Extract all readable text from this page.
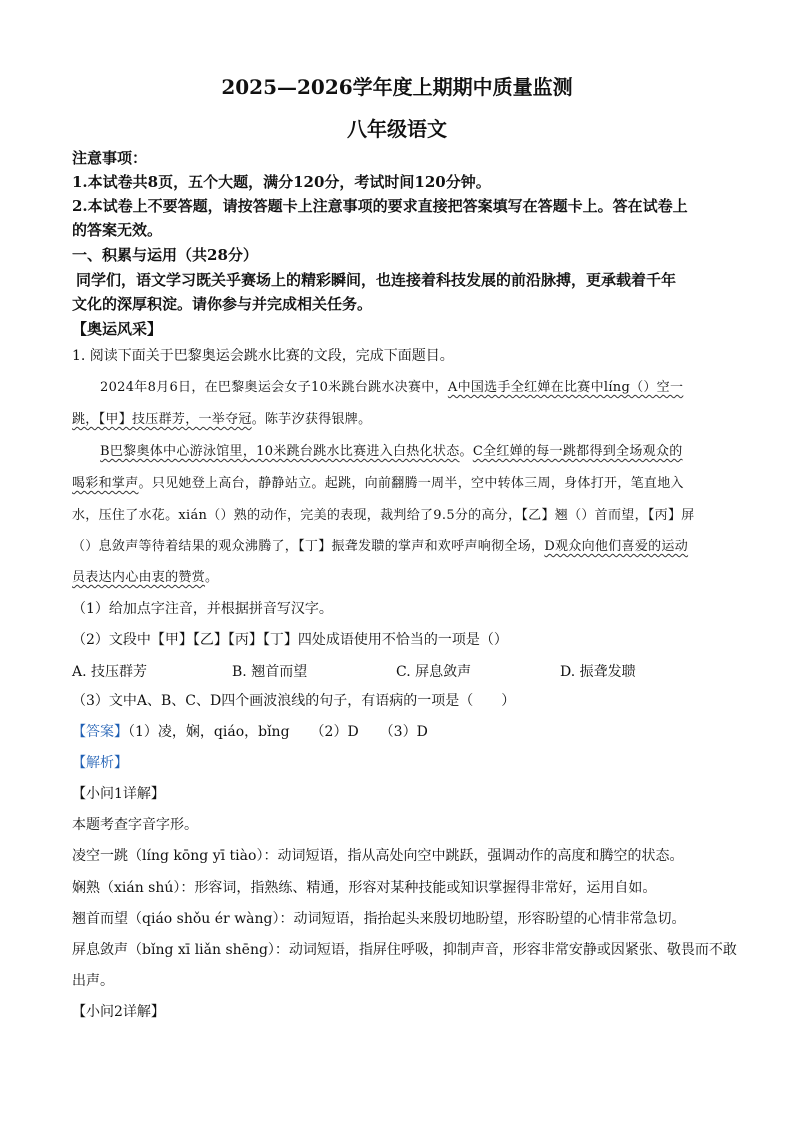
2025—2026学年度上期期中质量监测
八年级语文
注意事项：
1.本试卷共8页，五个大题，满分120分，考试时间120分钟。
2.本试卷上不要答题，请按答题卡上注意事项的要求直接把答案填写在答题卡上。答在试卷上
的答案无效。
一、积累与运用（共28分）
同学们，语文学习既关乎赛场上的精彩瞬间，也连接着科技发展的前沿脉搏，更承载着千年
文化的深厚积淀。请你参与并完成相关任务。
【奥运风采】
1. 阅读下面关于巴黎奥运会跳水比赛的文段，完成下面题目。
2024年8月6日，在巴黎奥运会女子10米跳台跳水决赛中，A中国选手全红婵在比赛中líng（）空一
跳，【甲】技压群芳，一举夺冠。陈芋汐获得银牌。
B巴黎奥体中心游泳馆里，10米跳台跳水比赛进入白热化状态。C全红婵的每一跳都得到全场观众的
喝彩和掌声。只见她登上高台，静静站立。起跳，向前翻腾一周半，空中转体三周，身体打开，笔直地入
水，压住了水花。xián（）熟的动作，完美的表现，裁判给了9.5分的高分，【乙】翘（）首而望，【丙】屏
（）息敛声等待着结果的观众沸腾了，【丁】振聋发聩的掌声和欢呼声响彻全场，D观众向他们喜爱的运动
员表达内心由衷的赞赏。
（1）给加点字注音，并根据拼音写汉字。
（2）文段中【甲】【乙】【丙】【丁】四处成语使用不恰当的一项是（）
A. 技压群芳	B. 翘首而望	C. 屏息敛声	D. 振聋发聩
（3）文中A、B、C、D四个画波浪线的句子，有语病的一项是（　　）
【答案】（1）凌，娴，qiáo，bǐng　　（2）D　　（3）D
【解析】
【小问1详解】
本题考查字音字形。
凌空一跳（líng kōng yī tiào）：动词短语，指从高处向空中跳跃，强调动作的高度和腾空的状态。
娴熟（xián shú）：形容词，指熟练、精通，形容对某种技能或知识掌握得非常好，运用自如。
翘首而望（qiáo shǒu ér wàng）：动词短语，指抬起头来殷切地盼望，形容盼望的心情非常急切。
屏息敛声（bǐng xī liǎn shēng）：动词短语，指屏住呼吸，抑制声音，形容非常安静或因紧张、敬畏而不敢
出声。
【小问2详解】
